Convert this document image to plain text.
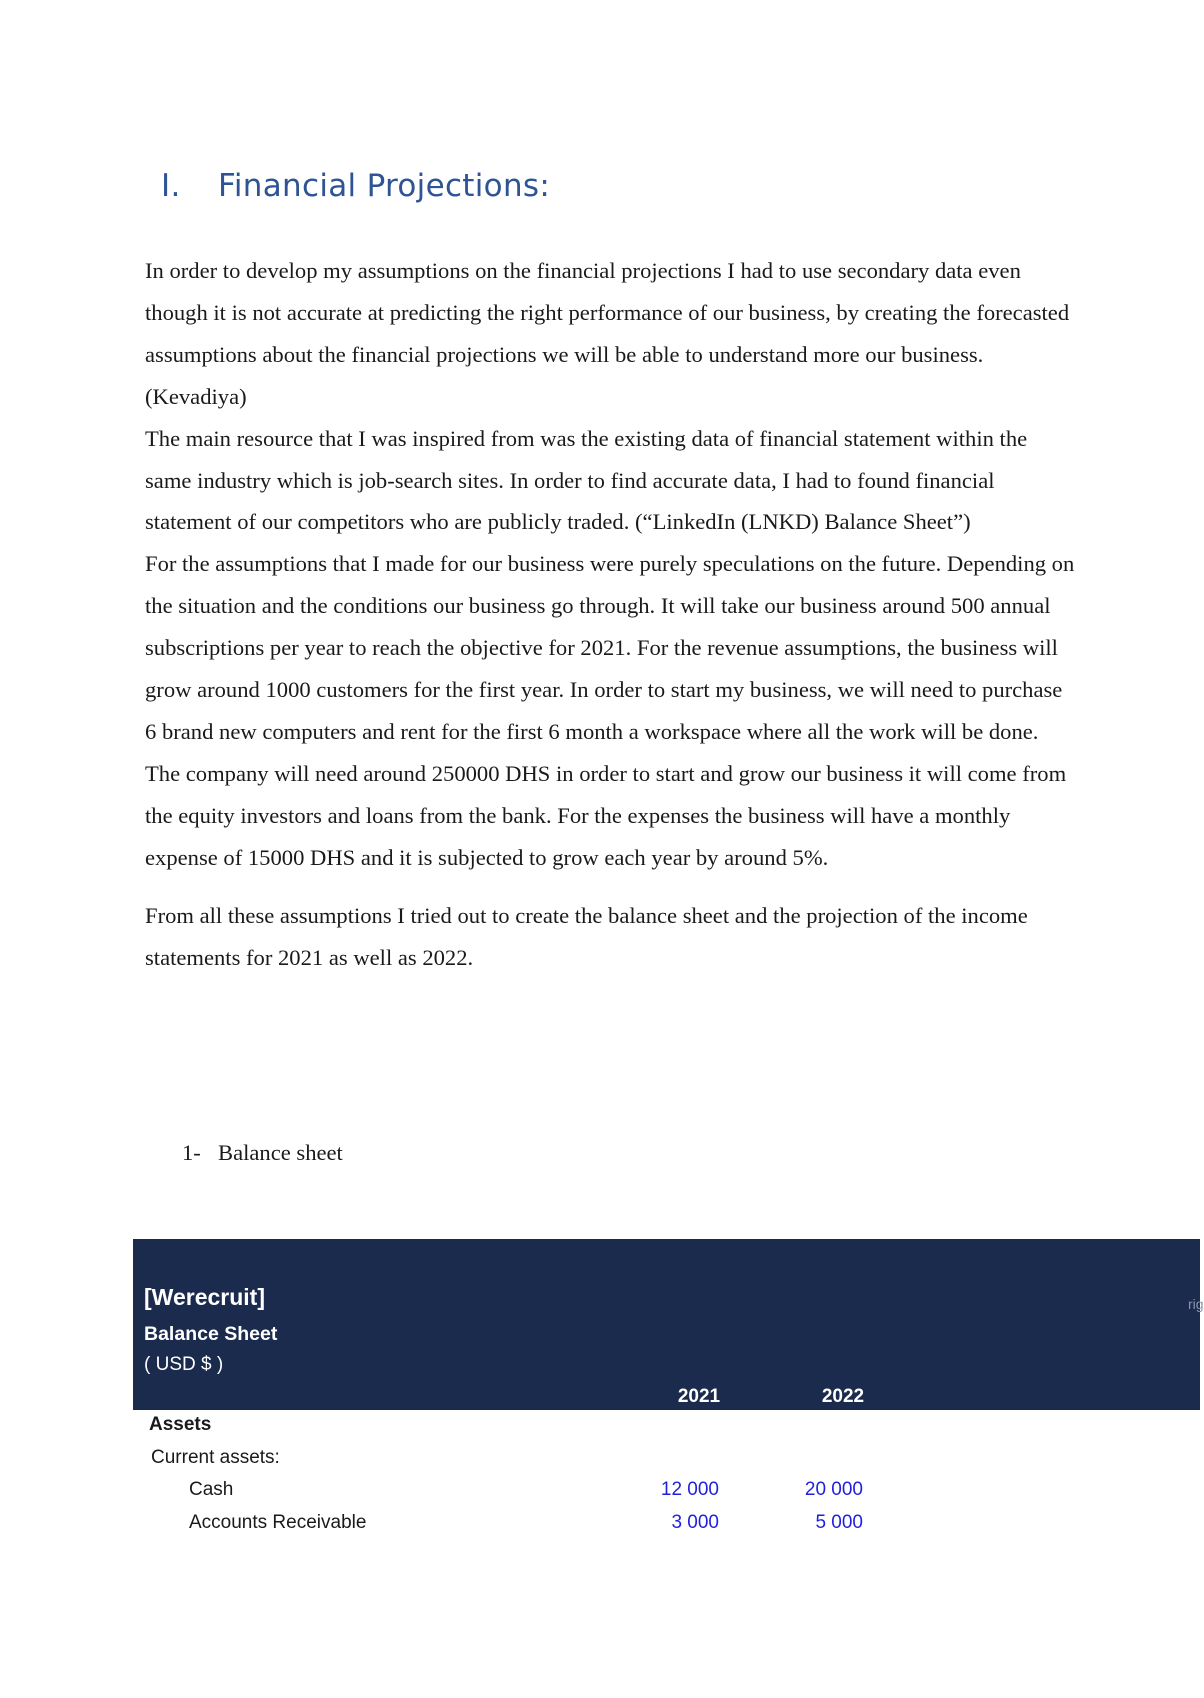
I. Financial Projections:

In order to develop my assumptions on the financial projections I had to use secondary data even though it is not accurate at predicting the right performance of our business, by creating the forecasted assumptions about the financial projections we will be able to understand more our business. (Kevadiya)

The main resource that I was inspired from was the existing data of financial statement within the same industry which is job-search sites. In order to find accurate data, I had to found financial statement of our competitors who are publicly traded. (“LinkedIn (LNKD) Balance Sheet”)

For the assumptions that I made for our business were purely speculations on the future. Depending on the situation and the conditions our business go through. It will take our business around 500 annual subscriptions per year to reach the objective for 2021. For the revenue assumptions, the business will grow around 1000 customers for the first year. In order to start my business, we will need to purchase 6 brand new computers and rent for the first 6 month a workspace where all the work will be done. The company will need around 250000 DHS in order to start and grow our business it will come from the equity investors and loans from the bank. For the expenses the business will have a monthly expense of 15000 DHS and it is subjected to grow each year by around 5%.

From all these assumptions I tried out to create the balance sheet and the projection of the income statements for 2021 as well as 2022.

1- Balance sheet
[Werecruit]
Balance Sheet
( USD $ )
2021	2022
rig
Assets
Current assets:
Cash	12 000	20 000
Accounts Receivable	3 000	5 000
